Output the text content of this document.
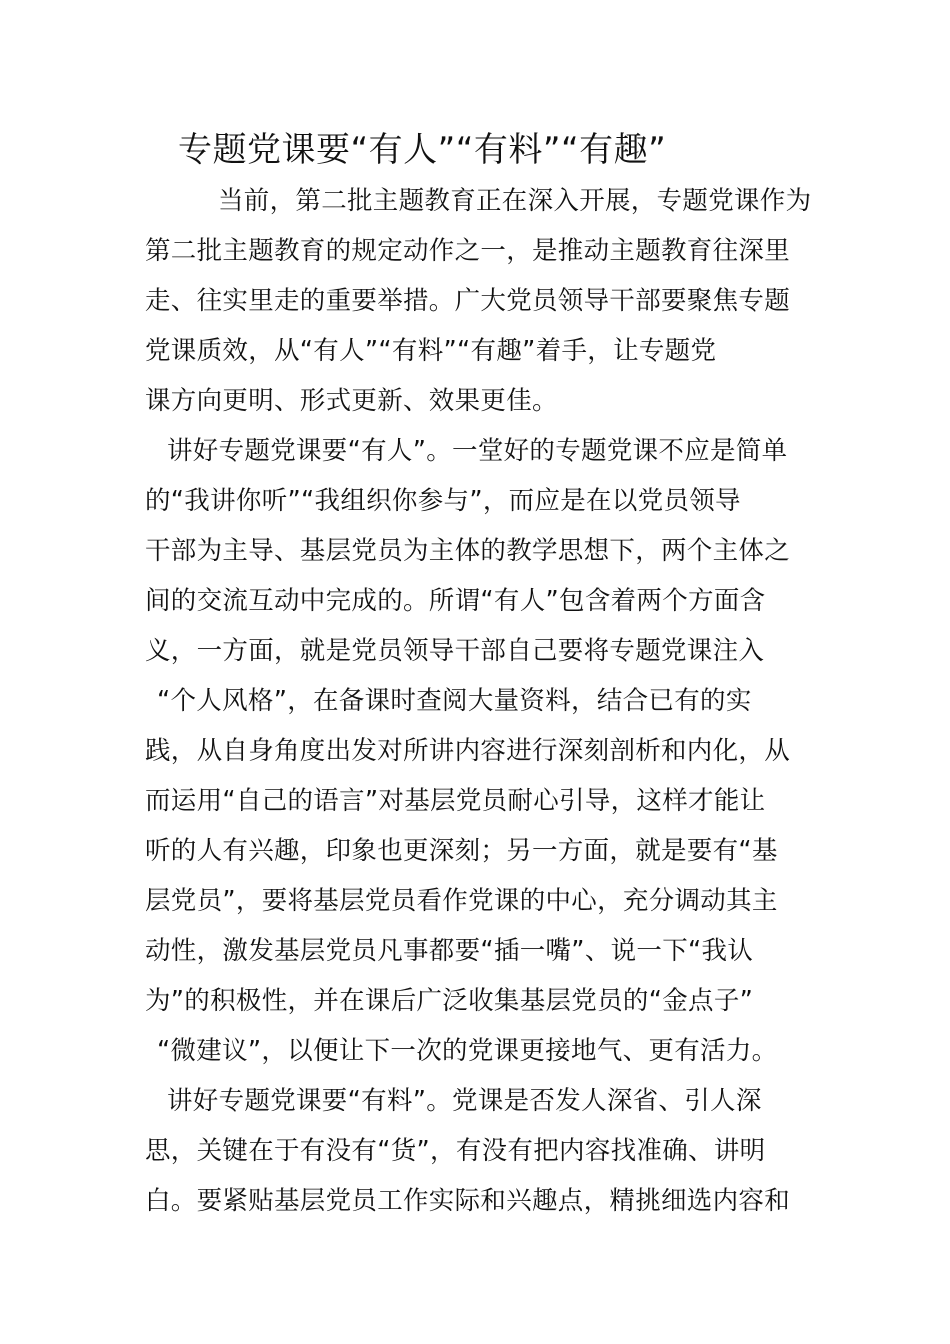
专题党课要“有人”“有料”“有趣”
当前，第二批主题教育正在深入开展，专题党课作为
第二批主题教育的规定动作之一，是推动主题教育往深里
走、往实里走的重要举措。广大党员领导干部要聚焦专题
党课质效，从“有人”“有料”“有趣”着手，让专题党
课方向更明、形式更新、效果更佳。
讲好专题党课要“有人”。一堂好的专题党课不应是简单
的“我讲你听”“我组织你参与”，而应是在以党员领导
干部为主导、基层党员为主体的教学思想下，两个主体之
间的交流互动中完成的。所谓“有人”包含着两个方面含
义，一方面，就是党员领导干部自己要将专题党课注入
“个人风格”，在备课时查阅大量资料，结合已有的实
践，从自身角度出发对所讲内容进行深刻剖析和内化，从
而运用“自己的语言”对基层党员耐心引导，这样才能让
听的人有兴趣，印象也更深刻；另一方面，就是要有“基
层党员”，要将基层党员看作党课的中心，充分调动其主
动性，激发基层党员凡事都要“插一嘴”、说一下“我认
为”的积极性，并在课后广泛收集基层党员的“金点子”
“微建议”，以便让下一次的党课更接地气、更有活力。
讲好专题党课要“有料”。党课是否发人深省、引人深
思，关键在于有没有“货”，有没有把内容找准确、讲明
白。要紧贴基层党员工作实际和兴趣点，精挑细选内容和
